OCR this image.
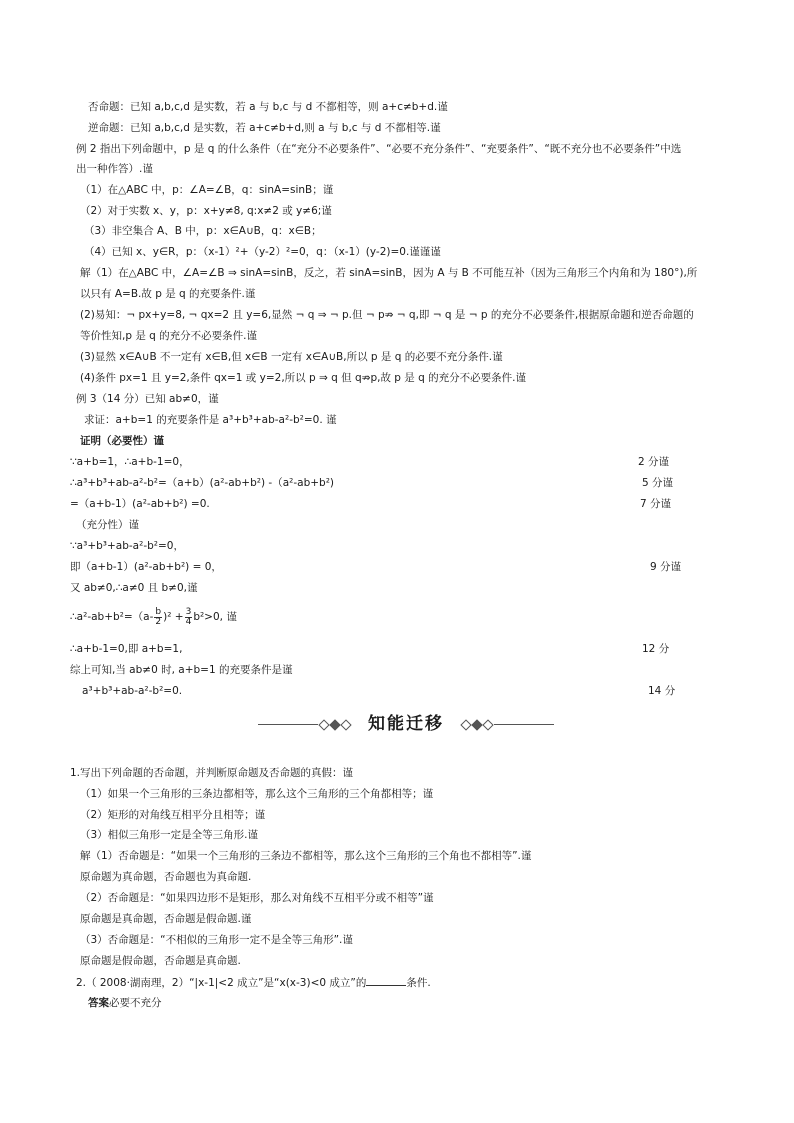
否命题：已知 a,b,c,d 是实数，若 a 与 b,c 与 d 不都相等，则 a+c≠b+d.谨
逆命题：已知 a,b,c,d 是实数，若 a+c≠b+d,则 a 与 b,c 与 d 不都相等.谨
例 2 指出下列命题中，p 是 q 的什么条件（在“充分不必要条件”、“必要不充分条件”、“充要条件”、“既不充分也不必要条件”中选
出一种作答）.谨
（1）在△ABC 中，p：∠A=∠B，q：sinA=sinB；谨
（2）对于实数 x、y，p：x+y≠8, q:x≠2 或 y≠6;谨
（3）非空集合 A、B 中，p：x∈A∪B，q：x∈B；
（4）已知 x、y∈R，p：（x-1）²+（y-2）²=0，q：（x-1）(y-2)=0.谨谨谨
解（1）在△ABC 中，∠A=∠B ⇒ sinA=sinB，反之，若 sinA=sinB，因为 A 与 B 不可能互补（因为三角形三个内角和为 180°),所
以只有 A=B.故 p 是 q 的充要条件.谨
(2)易知：¬ px+y=8, ¬ qx=2 且 y=6,显然 ¬ q ⇒ ¬ p.但 ¬ p⇏ ¬ q,即 ¬ q 是 ¬ p 的充分不必要条件,根据原命题和逆否命题的
等价性知,p 是 q 的充分不必要条件.谨
(3)显然 x∈A∪B 不一定有 x∈B,但 x∈B 一定有 x∈A∪B,所以 p 是 q 的必要不充分条件.谨
(4)条件 px=1 且 y=2,条件 qx=1 或 y=2,所以 p ⇒ q 但 q⇏p,故 p 是 q 的充分不必要条件.谨
例 3（14 分）已知 ab≠0，谨
求证：a+b=1 的充要条件是 a³+b³+ab-a²-b²=0. 谨
证明（必要性）谨
∵a+b=1，∴a+b-1=0，	2 分谨
∴a³+b³+ab-a²-b²=（a+b）(a²-ab+b²) -（a²-ab+b²)	5 分谨
=（a+b-1）(a²-ab+b²) =0.	7 分谨
（充分性）谨
∵a³+b³+ab-a²-b²=0，
即（a+b-1）(a²-ab+b²) = 0，	9 分谨
又 ab≠0,∴a≠0 且 b≠0,谨
∴a²-ab+b²=（a- $\frac{b}{2} )^2 + \frac{3}{4} b^2>0$, 谨
∴a+b-1=0,即 a+b=1,	12 分
综上可知,当 ab≠0 时, a+b=1 的充要条件是谨
a³+b³+ab-a²-b²=0.	14 分
知能迁移
1.写出下列命题的否命题，并判断原命题及否命题的真假：谨
（1）如果一个三角形的三条边都相等，那么这个三角形的三个角都相等；谨
（2）矩形的对角线互相平分且相等；谨
（3）相似三角形一定是全等三角形.谨
解（1）否命题是：“如果一个三角形的三条边不都相等，那么这个三角形的三个角也不都相等”.谨
原命题为真命题，否命题也为真命题.
（2）否命题是：“如果四边形不是矩形，那么对角线不互相平分或不相等”谨
原命题是真命题，否命题是假命题.谨
（3）否命题是：“不相似的三角形一定不是全等三角形”.谨
原命题是假命题，否命题是真命题.
2.（ 2008·湖南理，2）“|x-1|<2 成立”是“x(x-3)<0 成立”的	条件.
答案必要不充分
